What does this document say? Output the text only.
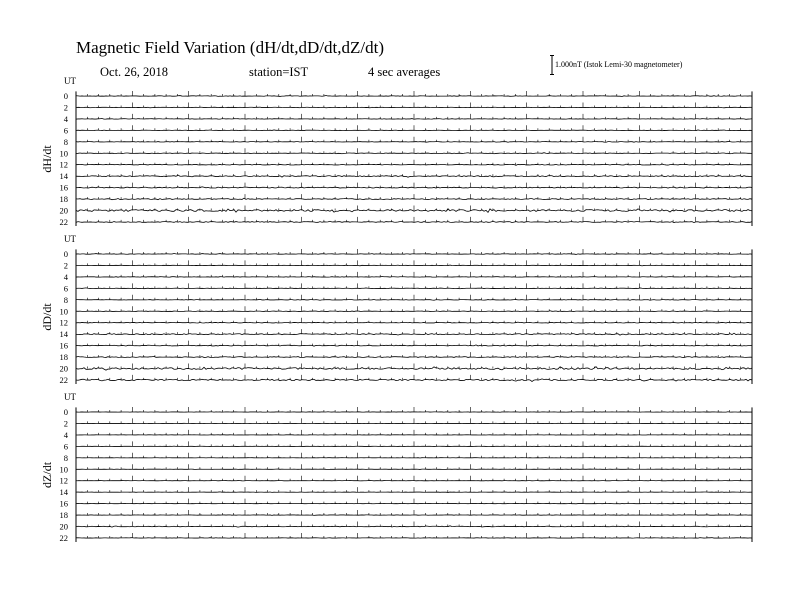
Magnetic Field Variation (dH/dt,dD/dt,dZ/dt)
Oct. 26, 2018	station=IST	4 sec averages
1.000nT (Istok Lemi-30 magnetometer)
UT
dH/dt
0
2
4
6
8
10
12
14
16
18
20
22
UT
dD/dt
0
2
4
6
8
10
12
14
16
18
20
22
UT
dZ/dt
0
2
4
6
8
10
12
14
16
18
20
22
